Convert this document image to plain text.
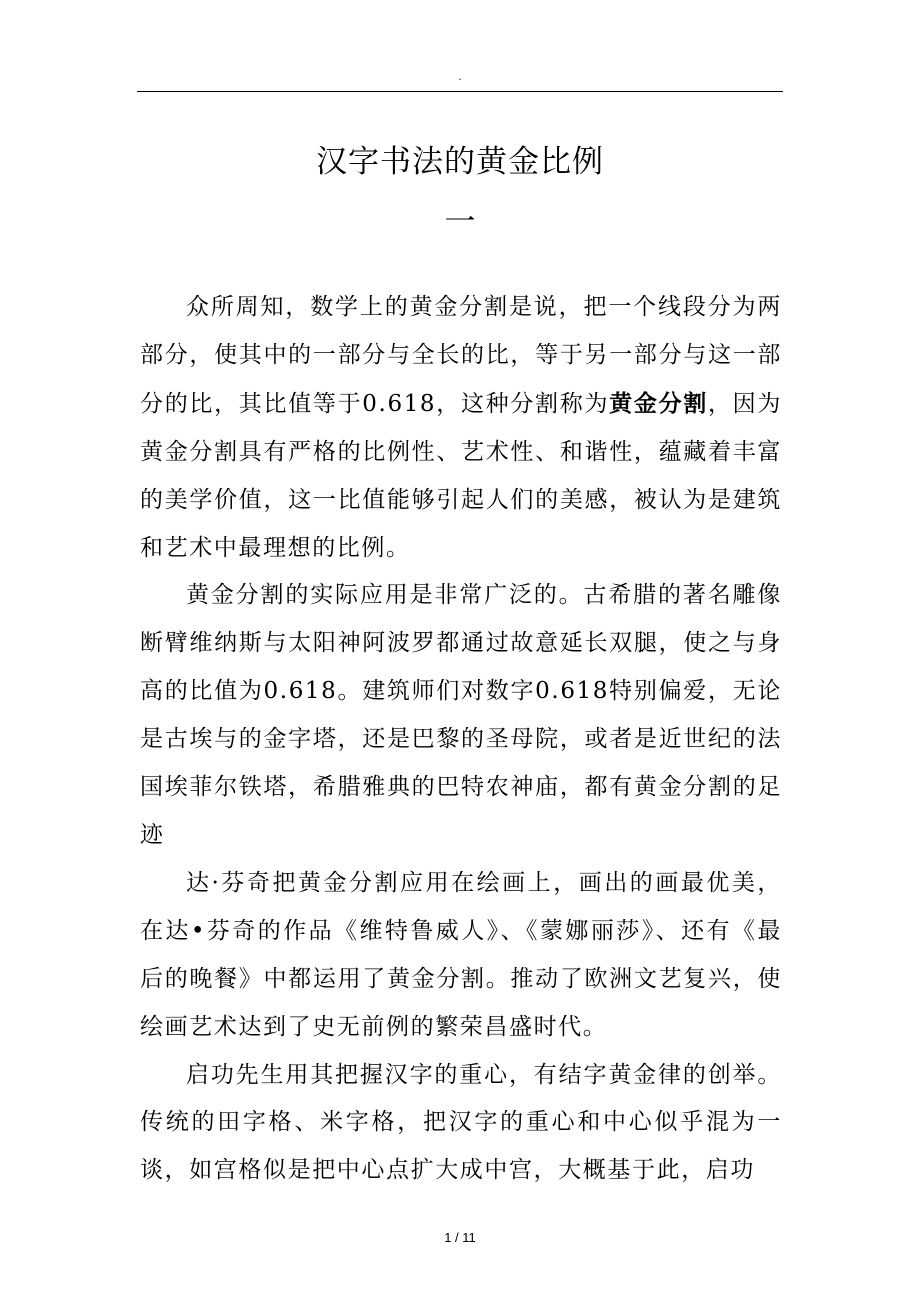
.
汉字书法的黄金比例
一

众所周知，数学上的黄金分割是说，把一个线段分为两部分，使其中的一部分与全长的比，等于另一部分与这一部分的比，其比值等于0.618，这种分割称为黄金分割，因为黄金分割具有严格的比例性、艺术性、和谐性，蕴藏着丰富的美学价值，这一比值能够引起人们的美感，被认为是建筑和艺术中最理想的比例。

黄金分割的实际应用是非常广泛的。古希腊的著名雕像断臂维纳斯与太阳神阿波罗都通过故意延长双腿，使之与身高的比值为0.618。建筑师们对数字0.618特别偏爱，无论是古埃与的金字塔，还是巴黎的圣母院，或者是近世纪的法国埃菲尔铁塔，希腊雅典的巴特农神庙，都有黄金分割的足迹

达·芬奇把黄金分割应用在绘画上，画出的画最优美，在达•芬奇的作品《维特鲁威人》、《蒙娜丽莎》、还有《最后的晚餐》中都运用了黄金分割。推动了欧洲文艺复兴，使绘画艺术达到了史无前例的繁荣昌盛时代。

启功先生用其把握汉字的重心，有结字黄金律的创举。传统的田字格、米字格，把汉字的重心和中心似乎混为一谈，如宫格似是把中心点扩大成中宫，大概基于此，启功

1 / 11
